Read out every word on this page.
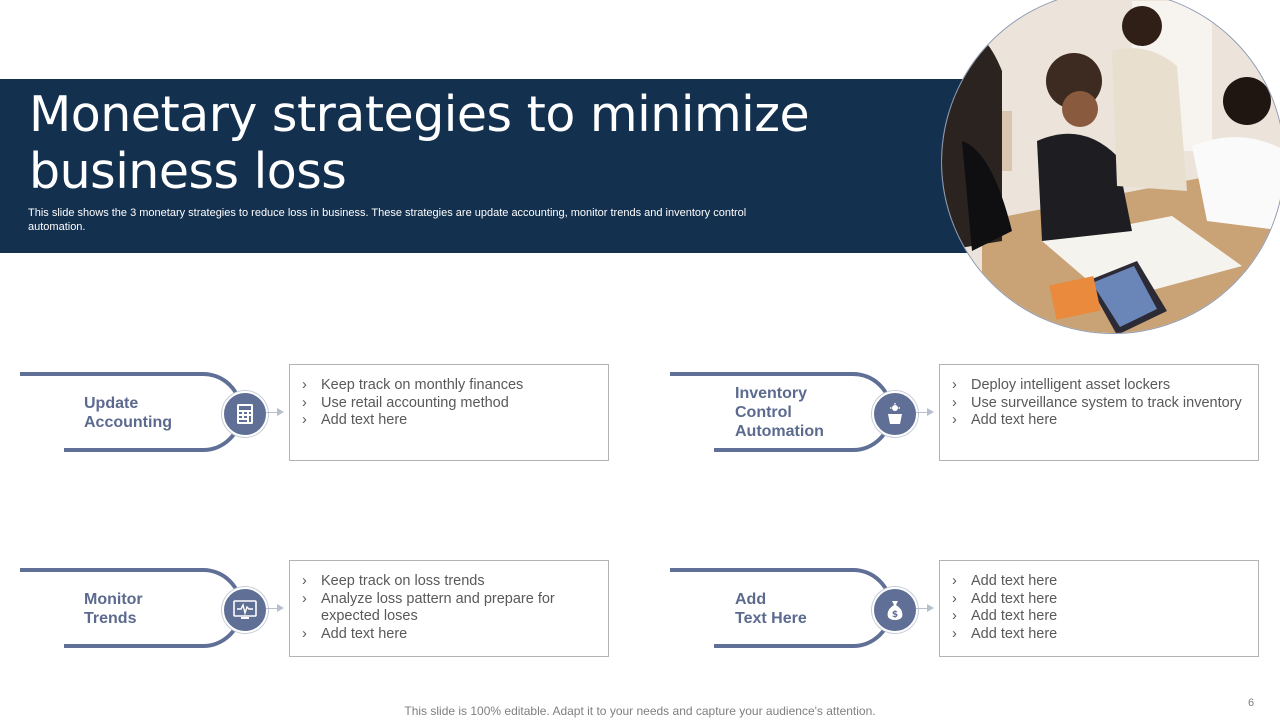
Monetary strategies to minimize business loss
This slide shows the 3 monetary strategies to reduce loss in business. These strategies are update accounting, monitor trends and inventory control automation.
Update
Accounting
› Keep track on monthly finances
› Use retail accounting method
› Add text here
Inventory Control
Automation
› Deploy intelligent asset lockers
› Use surveillance system to track inventory
› Add text here
Monitor
Trends
› Keep track on loss trends
› Analyze loss pattern and prepare for expected loses
› Add text here
Add
Text Here	$
› Add text here
› Add text here
› Add text here
› Add text here
This slide is 100% editable. Adapt it to your needs and capture your audience's attention.
6
